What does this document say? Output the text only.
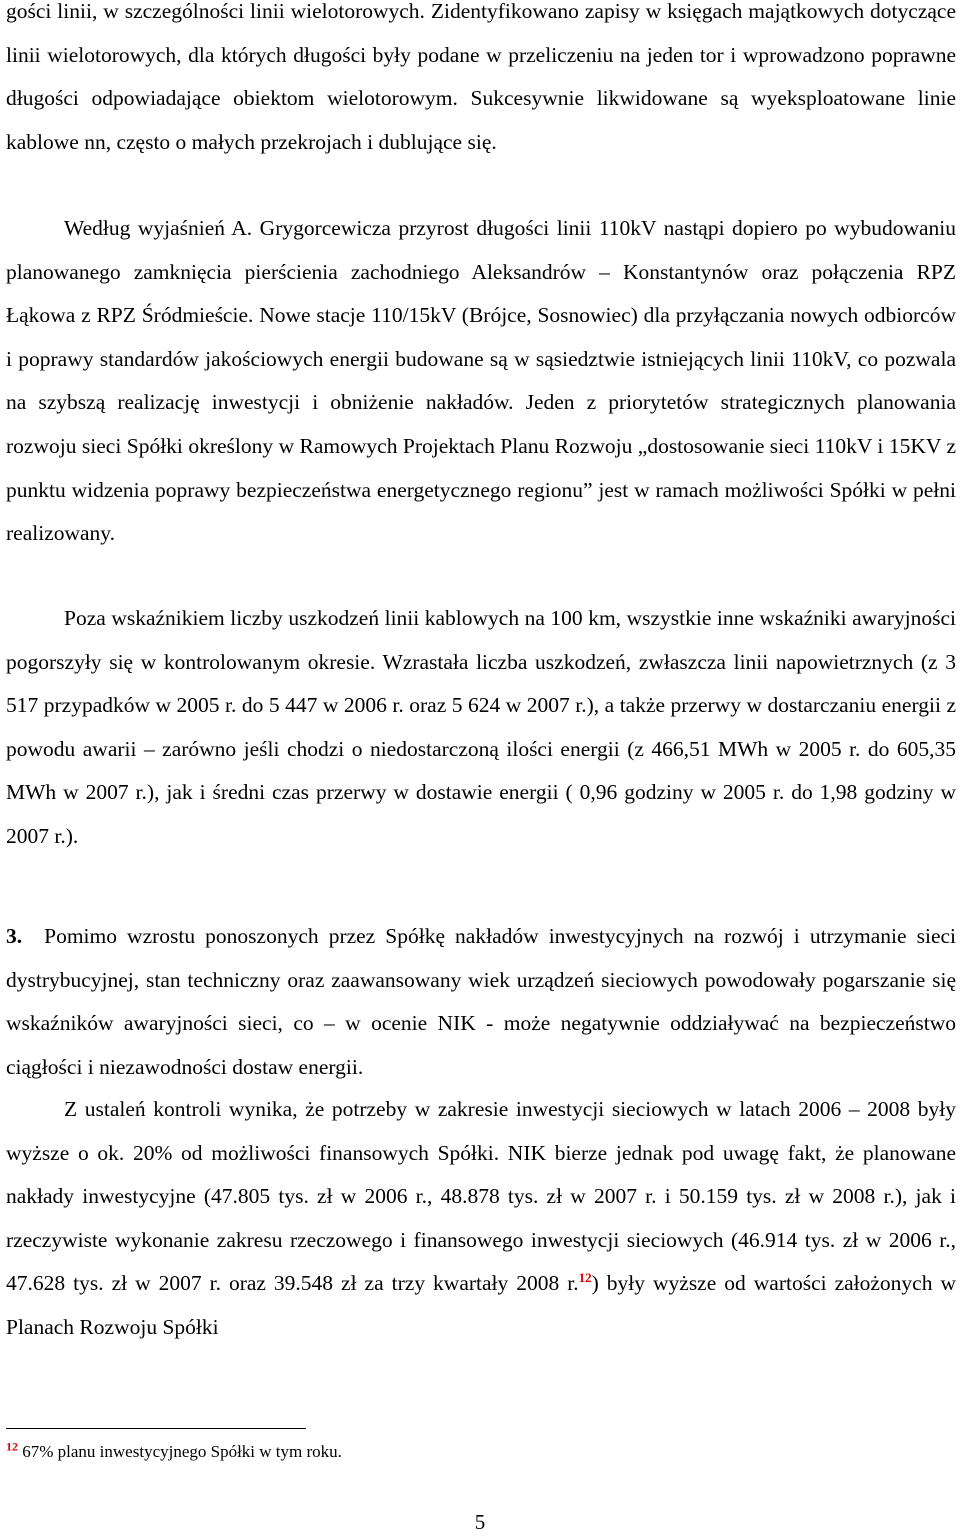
gości linii, w szczególności linii wielotorowych. Zidentyfikowano zapisy w księgach majątkowych dotyczące linii wielotorowych, dla których długości były podane w przeliczeniu na jeden tor i wprowadzono poprawne długości odpowiadające obiektom wielotorowym. Sukcesywnie likwidowane są wyeksploatowane linie kablowe nn, często o małych przekrojach i dublujące się.

Według wyjaśnień A. Grygorcewicza przyrost długości linii 110kV nastąpi dopiero po wybudowaniu planowanego zamknięcia pierścienia zachodniego Aleksandrów – Konstantynów oraz połączenia RPZ Łąkowa z RPZ Śródmieście. Nowe stacje 110/15kV (Brójce, Sosnowiec) dla przyłączania nowych odbiorców i poprawy standardów jakościowych energii budowane są w sąsiedztwie istniejących linii 110kV, co pozwala na szybszą realizację inwestycji i obniżenie nakładów. Jeden z priorytetów strategicznych planowania rozwoju sieci Spółki określony w Ramowych Projektach Planu Rozwoju „dostosowanie sieci 110kV i 15KV z punktu widzenia poprawy bezpieczeństwa energetycznego regionu” jest w ramach możliwości Spółki w pełni realizowany.

Poza wskaźnikiem liczby uszkodzeń linii kablowych na 100 km, wszystkie inne wskaźniki awaryjności pogorszyły się w kontrolowanym okresie. Wzrastała liczba uszkodzeń, zwłaszcza linii napowietrznych (z 3 517 przypadków w 2005 r. do 5 447 w 2006 r. oraz 5 624 w 2007 r.), a także przerwy w dostarczaniu energii z powodu awarii – zarówno jeśli chodzi o niedostarczoną ilości energii (z 466,51 MWh w 2005 r. do 605,35 MWh w 2007 r.), jak i średni czas przerwy w dostawie energii ( 0,96 godziny w 2005 r. do 1,98 godziny w 2007 r.).

3. Pomimo wzrostu ponoszonych przez Spółkę nakładów inwestycyjnych na rozwój i utrzymanie sieci dystrybucyjnej, stan techniczny oraz zaawansowany wiek urządzeń sieciowych powodowały pogarszanie się wskaźników awaryjności sieci, co – w ocenie NIK - może negatywnie oddziaływać na bezpieczeństwo ciągłości i niezawodności dostaw energii.

Z ustaleń kontroli wynika, że potrzeby w zakresie inwestycji sieciowych w latach 2006 – 2008 były wyższe o ok. 20% od możliwości finansowych Spółki. NIK bierze jednak pod uwagę fakt, że planowane nakłady inwestycyjne (47.805 tys. zł w 2006 r., 48.878 tys. zł w 2007 r. i 50.159 tys. zł w 2008 r.), jak i rzeczywiste wykonanie zakresu rzeczowego i finansowego inwestycji sieciowych (46.914 tys. zł w 2006 r., 47.628 tys. zł w 2007 r. oraz 39.548 zł za trzy kwartały 2008 r.$^{12}$) były wyższe od wartości założonych w Planach Rozwoju Spółki

$^{12}$ 67% planu inwestycyjnego Spółki w tym roku.
5
